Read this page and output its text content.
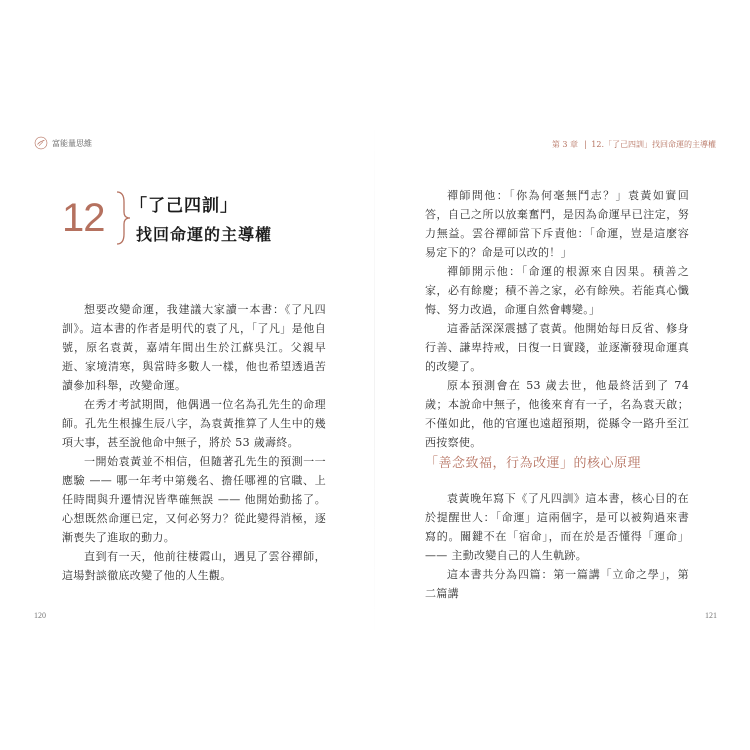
富能量思維
12	「了己四訓」
找回命運的主導權

想要改變命運，我建議大家讀一本書：《了凡四訓》。這本書的作者是明代的袁了凡，「了凡」是他自號，原名袁黃，嘉靖年間出生於江蘇吳江。父親早逝、家境清寒，與當時多數人一樣，他也希望透過苦讀參加科舉，改變命運。

在秀才考試期間，他偶遇一位名為孔先生的命理師。孔先生根據生辰八字，為袁黃推算了人生中的幾項大事，甚至說他命中無子，將於 53 歲壽終。

一開始袁黃並不相信，但隨著孔先生的預測一一應驗 —— 哪一年考中第幾名、擔任哪裡的官職、上任時間與升遷情況皆準確無誤 —— 他開始動搖了。心想既然命運已定，又何必努力？從此變得消極，逐漸喪失了進取的動力。

直到有一天，他前往棲霞山，遇見了雲谷禪師，這場對談徹底改變了他的人生觀。

120
第 3 章 | 12.「了己四訓」找回命運的主導權

禪師問他：「你為何毫無鬥志？」袁黃如實回答，自己之所以放棄奮鬥，是因為命運早已注定，努力無益。雲谷禪師當下斥責他：「命運，豈是這麼容易定下的？命是可以改的！」

禪師開示他：「命運的根源來自因果。積善之家，必有餘慶；積不善之家，必有餘殃。若能真心懺悔、努力改過，命運自然會轉變。」

這番話深深震撼了袁黃。他開始每日反省、修身行善、謙卑持戒，日復一日實踐，並逐漸發現命運真的改變了。

原本預測會在 53 歲去世，他最終活到了 74 歲；本說命中無子，他後來育有一子，名為袁天啟；不僅如此，他的官運也遠超預期，從縣令一路升至江西按察使。

「善念致福，行為改運」的核心原理

袁黃晚年寫下《了凡四訓》這本書，核心目的在於提醒世人：「命運」這兩個字，是可以被夠過來書寫的。關鍵不在「宿命」，而在於是否懂得「運命」—— 主動改變自己的人生軌跡。

這本書共分為四篇：第一篇講「立命之學」，第二篇講

121
